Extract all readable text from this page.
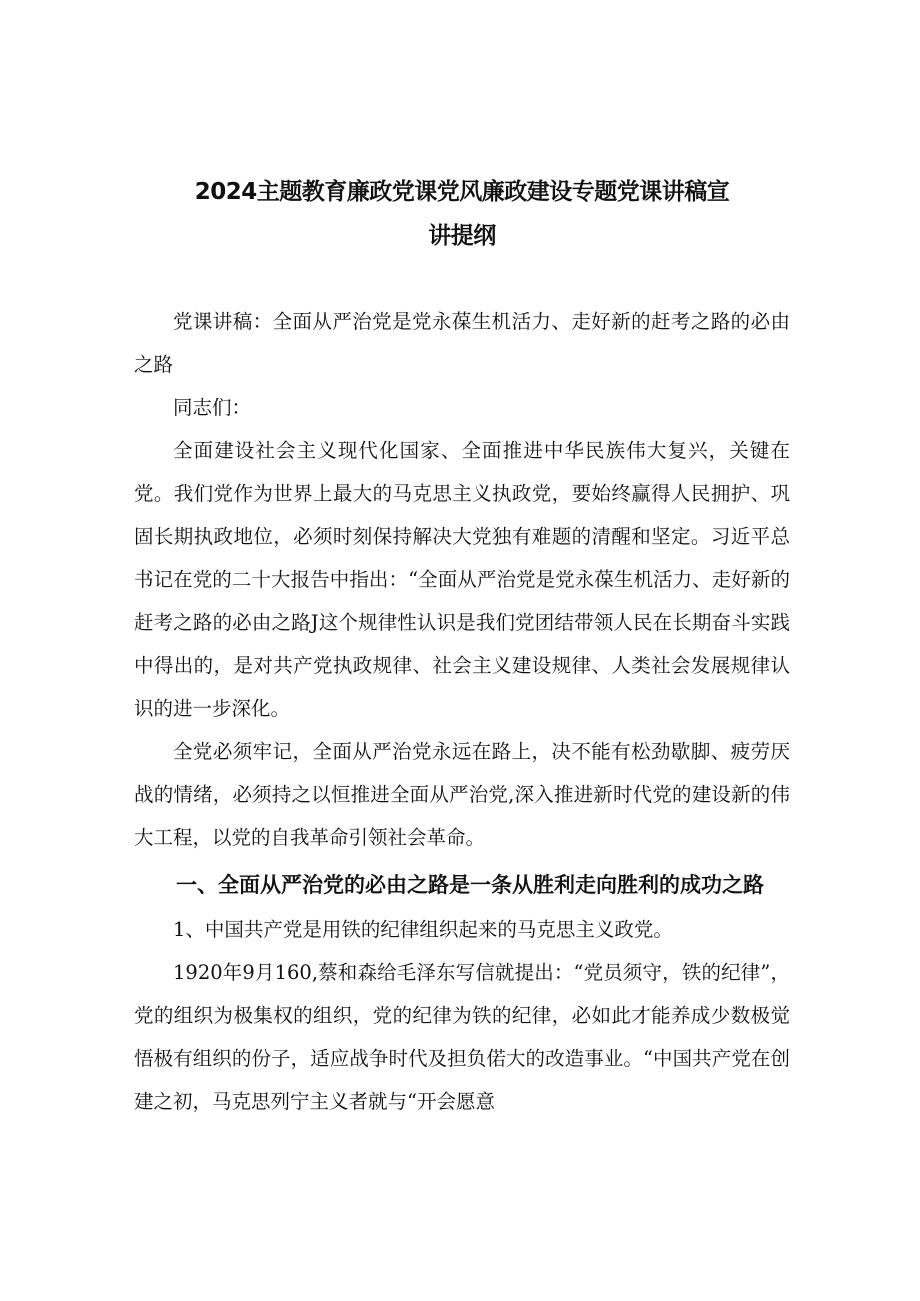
2024主题教育廉政党课党风廉政建设专题党课讲稿宣
讲提纲

党课讲稿：全面从严治党是党永葆生机活力、走好新的赶考之路的必由之路

同志们：

全面建设社会主义现代化国家、全面推进中华民族伟大复兴，关键在党。我们党作为世界上最大的马克思主义执政党，要始终赢得人民拥护、巩固长期执政地位，必须时刻保持解决大党独有难题的清醒和坚定。习近平总书记在党的二十大报告中指出：“全面从严治党是党永葆生机活力、走好新的赶考之路的必由之路J这个规律性认识是我们党团结带领人民在长期奋斗实践中得出的，是对共产党执政规律、社会主义建设规律、人类社会发展规律认识的进一步深化。

全党必须牢记，全面从严治党永远在路上，决不能有松劲歇脚、疲劳厌战的情绪，必须持之以恒推进全面从严治党,深入推进新时代党的建设新的伟大工程，以党的自我革命引领社会革命。

一、全面从严治党的必由之路是一条从胜利走向胜利的成功之路

1、中国共产党是用铁的纪律组织起来的马克思主义政党。

1920年9月160,蔡和森给毛泽东写信就提出：“党员须守，铁的纪律”，党的组织为极集权的组织，党的纪律为铁的纪律，必如此才能养成少数极觉悟极有组织的份子，适应战争时代及担负偌大的改造事业。“中国共产党在创建之初，马克思列宁主义者就与“开会愿意
